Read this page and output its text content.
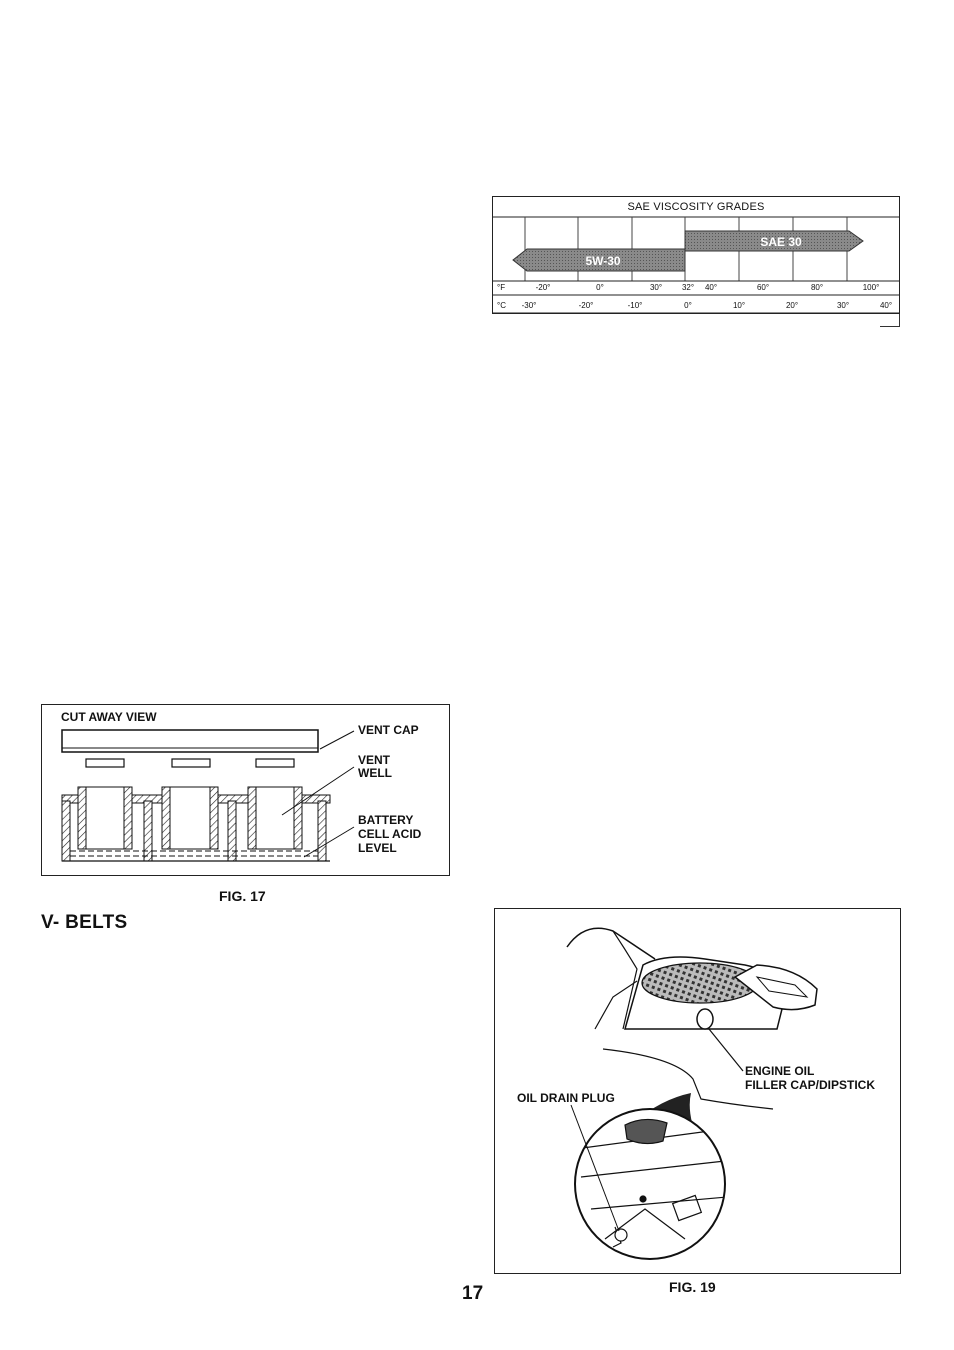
SAE 30
5W-30
°F
°C
-20°	0°	30° 32° 40°	60°	80°	100°
-30°	-20°	-10°	0°	10°	20°	30°	40°
SAE VISCOSITY GRADES
CUT AWAY VIEW
VENT CAP
VENT
WELL
BATTERY
CELL ACID
LEVEL
FIG. 17
V- BELTS
ENGINE OIL
FILLER CAP/DIPSTICK
OIL DRAIN PLUG
FIG. 19
17
